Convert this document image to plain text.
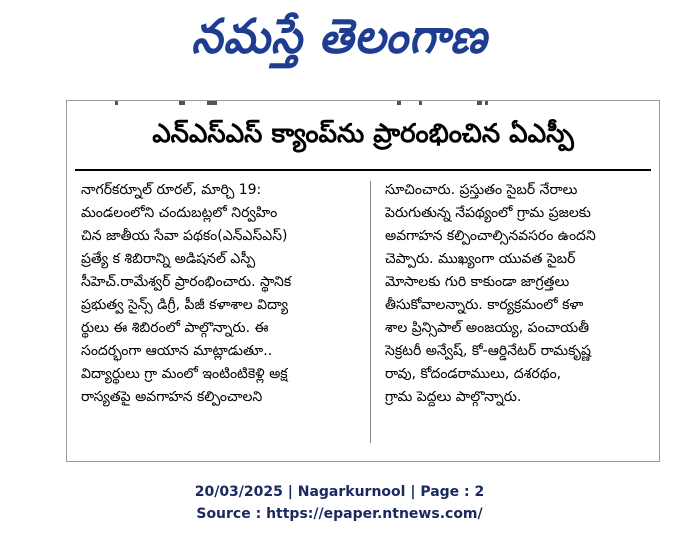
నమస్తే తెలంగాణ
ఎన్ఎస్ఎస్ క్యాంప్‌ను ప్రారంభించిన ఏఎస్పీ
నాగర్‌కర్నూల్ రూరల్, మార్చి 19:
మండలంలోని చందుబట్లలో నిర్వహిం
చిన జాతీయ సేవా పథకం(ఎన్ఎస్ఎస్)
ప్రత్యే క శిబిరాన్ని అడిషనల్ ఎస్పీ
సీహెచ్.రామేశ్వర్ ప్రారంభించారు. స్థానిక
ప్రభుత్వ సైన్స్ డిగ్రీ, పీజీ కళాశాల విద్యా
ర్థులు ఈ శిబిరంలో పాల్గొన్నారు. ఈ
సందర్భంగా ఆయాన మాట్లాడుతూ..
విద్యార్థులు గ్రా మంలో ఇంటింటికెళ్లి అక్ష
రాస్యతపై అవగాహన కల్పించాలని
సూచించారు. ప్రస్తుతం సైబర్ నేరాలు
పెరుగుతున్న నేపథ్యంలో గ్రామ ప్రజలకు
అవగాహన కల్పించాల్సినవసరం ఉందని
చెప్పారు. ముఖ్యంగా యువత సైబర్
మోసాలకు గురి కాకుండా జాగ్రత్తలు
తీసుకోవాలన్నారు. కార్యక్రమంలో కళా
శాల ప్రిన్సిపాల్ అంజయ్య, పంచాయతీ
సెక్రటరీ అన్వేష్, కో-ఆర్డినేటర్ రామకృష్ణ
రావు, కోదండరాములు, దశరథం,
గ్రామ పెద్దలు పాల్గొన్నారు.
20/03/2025 | Nagarkurnool | Page : 2
Source : https://epaper.ntnews.com/
